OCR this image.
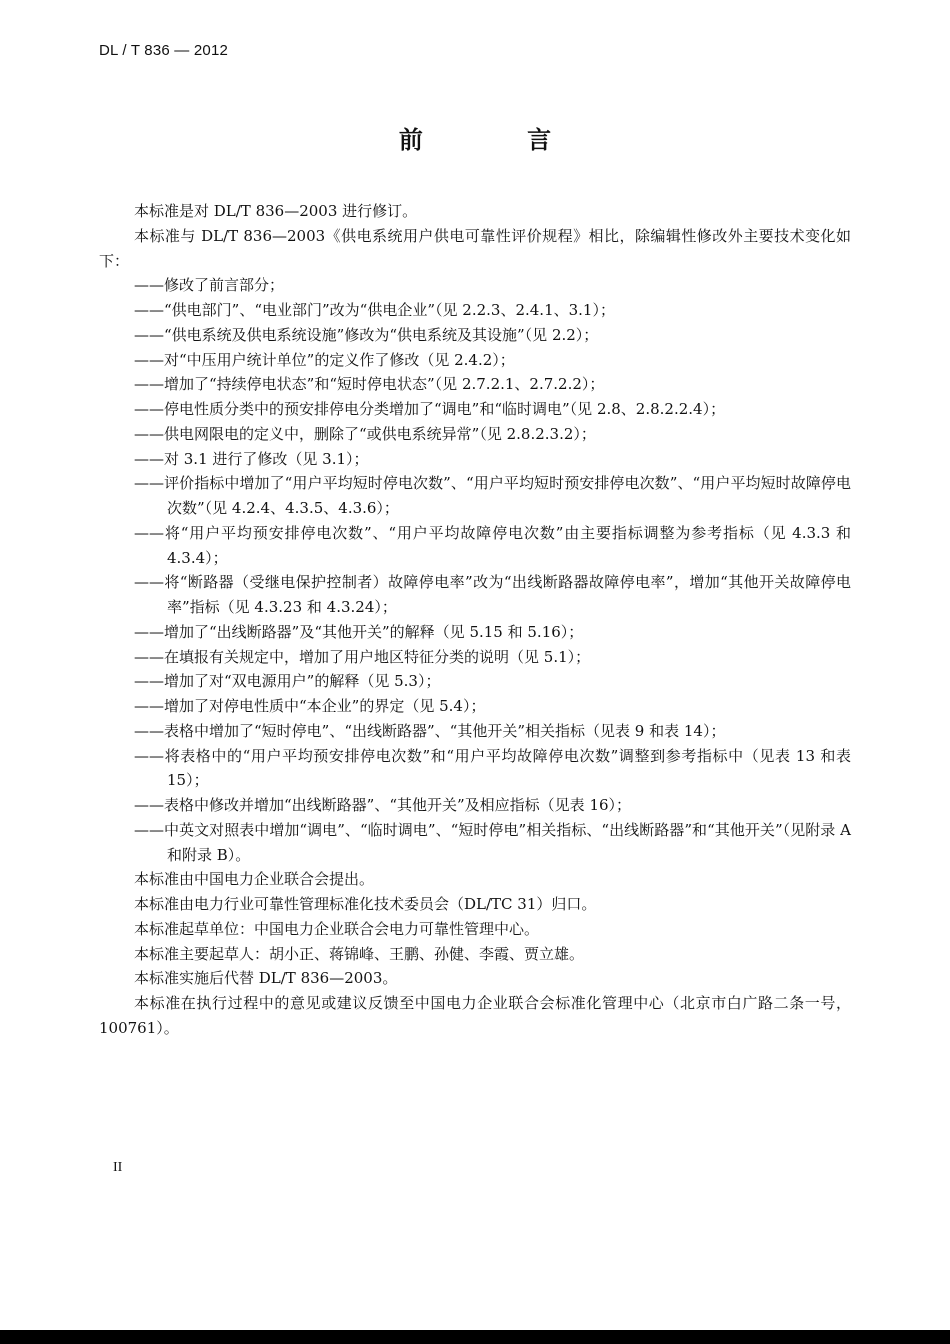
DL / T 836 — 2012
前 言

本标准是对 DL/T 836—2003 进行修订。

本标准与 DL/T 836—2003《供电系统用户供电可靠性评价规程》相比，除编辑性修改外主要技术变化如下：

——修改了前言部分；

——“供电部门”、“电业部门”改为“供电企业”（见 2.2.3、2.4.1、3.1）；

——“供电系统及供电系统设施”修改为“供电系统及其设施”（见 2.2）；

——对“中压用户统计单位”的定义作了修改（见 2.4.2）；

——增加了“持续停电状态”和“短时停电状态”（见 2.7.2.1、2.7.2.2）；

——停电性质分类中的预安排停电分类增加了“调电”和“临时调电”（见 2.8、2.8.2.2.4）；

——供电网限电的定义中，删除了“或供电系统异常”（见 2.8.2.3.2）；

——对 3.1 进行了修改（见 3.1）；

——评价指标中增加了“用户平均短时停电次数”、“用户平均短时预安排停电次数”、“用户平均短时故障停电次数”（见 4.2.4、4.3.5、4.3.6）；

——将“用户平均预安排停电次数”、“用户平均故障停电次数”由主要指标调整为参考指标（见 4.3.3 和 4.3.4）；

——将“断路器（受继电保护控制者）故障停电率”改为“出线断路器故障停电率”，增加“其他开关故障停电率”指标（见 4.3.23 和 4.3.24）；

——增加了“出线断路器”及“其他开关”的解释（见 5.15 和 5.16）；

——在填报有关规定中，增加了用户地区特征分类的说明（见 5.1）；

——增加了对“双电源用户”的解释（见 5.3）；

——增加了对停电性质中“本企业”的界定（见 5.4）；

——表格中增加了“短时停电”、“出线断路器”、“其他开关”相关指标（见表 9 和表 14）；

——将表格中的“用户平均预安排停电次数”和“用户平均故障停电次数”调整到参考指标中（见表 13 和表 15）；

——表格中修改并增加“出线断路器”、“其他开关”及相应指标（见表 16）；

——中英文对照表中增加“调电”、“临时调电”、“短时停电”相关指标、“出线断路器”和“其他开关”（见附录 A 和附录 B）。

本标准由中国电力企业联合会提出。

本标准由电力行业可靠性管理标准化技术委员会（DL/TC 31）归口。

本标准起草单位：中国电力企业联合会电力可靠性管理中心。

本标准主要起草人：胡小正、蒋锦峰、王鹏、孙健、李霞、贾立雄。

本标准实施后代替 DL/T 836—2003。

本标准在执行过程中的意见或建议反馈至中国电力企业联合会标准化管理中心（北京市白广路二条一号，100761）。

II
